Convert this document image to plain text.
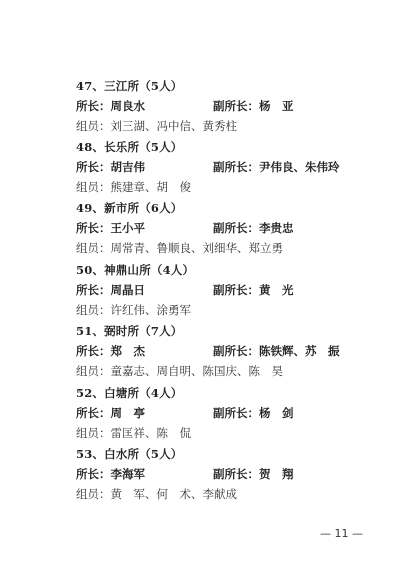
47、三江所（5人）
所长：周良水	副所长：杨　亚
组员：刘三湖、冯中信、黄秀柱
48、长乐所（5人）
所长：胡吉伟	副所长：尹伟良、朱伟玲
组员：熊建章、胡　俊
49、新市所（6人）
所长：王小平	副所长：李贵忠
组员：周常青、鲁顺良、刘细华、郑立勇
50、神鼎山所（4人）
所长：周晶日	副所长：黄　光
组员：许红伟、涂勇军
51、弼时所（7人）
所长：郑　杰	副所长：陈铁辉、苏　振
组员：童嘉志、周自明、陈国庆、陈　昊
52、白塘所（4人）
所长：周　亭	副所长：杨　剑
组员：雷匡祥、陈　侃
53、白水所（5人）
所长：李海军	副所长：贺　翔
组员：黄　军、何　术、李献成
— 11 —
